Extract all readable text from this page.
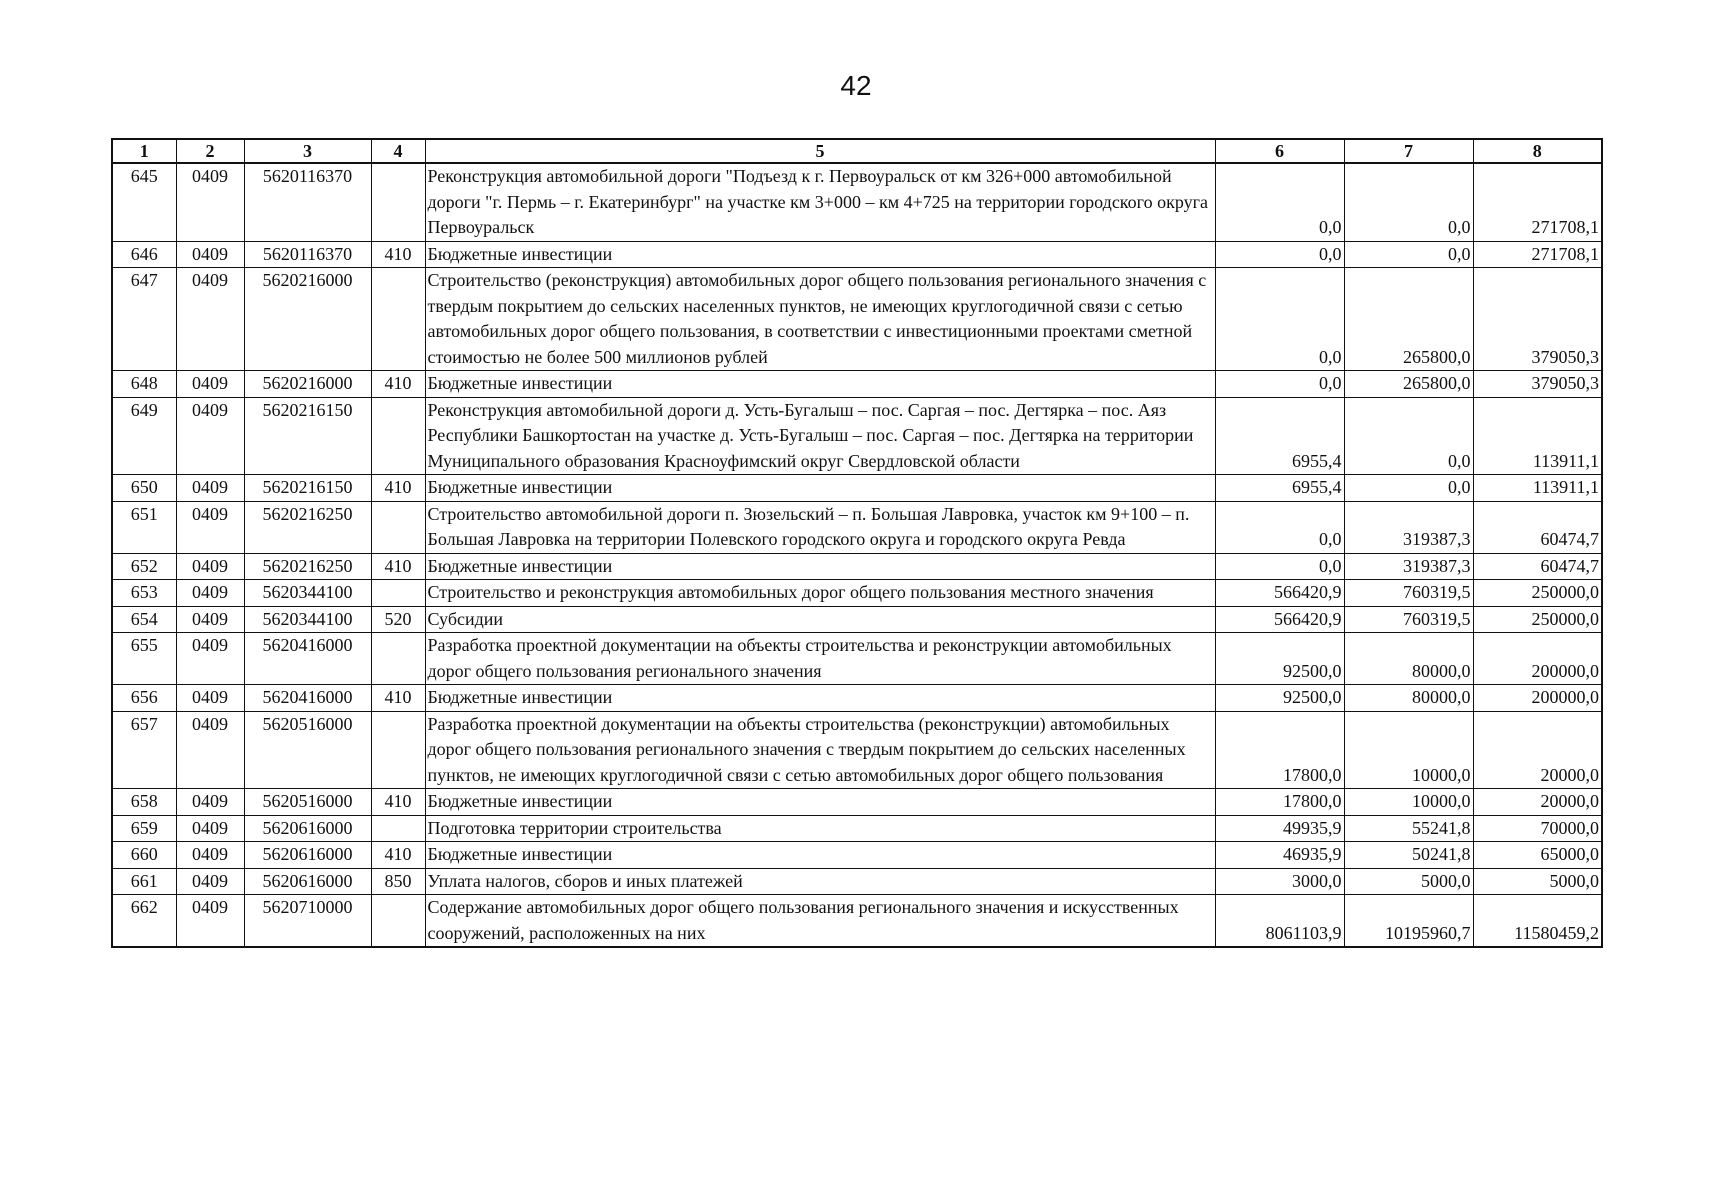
42
1	2	3	4	5	6	7	8
645	0409	5620116370		Реконструкция автомобильной дороги "Подъезд к г. Первоуральск от км 326+000 автомобильной дороги "г. Пермь – г. Екатеринбург" на участке км 3+000 – км 4+725 на территории городского округа Первоуральск	0,0	0,0	271708,1
646	0409	5620116370	410	Бюджетные инвестиции	0,0	0,0	271708,1
647	0409	5620216000		Строительство (реконструкция) автомобильных дорог общего пользования регионального значения с твердым покрытием до сельских населенных пунктов, не имеющих круглогодичной связи с сетью автомобильных дорог общего пользования, в соответствии с инвестиционными проектами сметной стоимостью не более 500 миллионов рублей	0,0	265800,0	379050,3
648	0409	5620216000	410	Бюджетные инвестиции	0,0	265800,0	379050,3
649	0409	5620216150		Реконструкция автомобильной дороги д. Усть-Бугалыш – пос. Саргая – пос. Дегтярка – пос. Аяз Республики Башкортостан на участке д. Усть-Бугалыш – пос. Саргая – пос. Дегтярка на территории Муниципального образования Красноуфимский округ Свердловской области	6955,4	0,0	113911,1
650	0409	5620216150	410	Бюджетные инвестиции	6955,4	0,0	113911,1
651	0409	5620216250		Строительство автомобильной дороги п. Зюзельский – п. Большая Лавровка, участок км 9+100 – п. Большая Лавровка на территории Полевского городского округа и городского округа Ревда	0,0	319387,3	60474,7
652	0409	5620216250	410	Бюджетные инвестиции	0,0	319387,3	60474,7
653	0409	5620344100		Строительство и реконструкция автомобильных дорог общего пользования местного значения	566420,9	760319,5	250000,0
654	0409	5620344100	520	Субсидии	566420,9	760319,5	250000,0
655	0409	5620416000		Разработка проектной документации на объекты строительства и реконструкции автомобильных дорог общего пользования регионального значения	92500,0	80000,0	200000,0
656	0409	5620416000	410	Бюджетные инвестиции	92500,0	80000,0	200000,0
657	0409	5620516000		Разработка проектной документации на объекты строительства (реконструкции) автомобильных дорог общего пользования регионального значения с твердым покрытием до сельских населенных пунктов, не имеющих круглогодичной связи с сетью автомобильных дорог общего пользования	17800,0	10000,0	20000,0
658	0409	5620516000	410	Бюджетные инвестиции	17800,0	10000,0	20000,0
659	0409	5620616000		Подготовка территории строительства	49935,9	55241,8	70000,0
660	0409	5620616000	410	Бюджетные инвестиции	46935,9	50241,8	65000,0
661	0409	5620616000	850	Уплата налогов, сборов и иных платежей	3000,0	5000,0	5000,0
662	0409	5620710000		Содержание автомобильных дорог общего пользования регионального значения и искусственных сооружений, расположенных на них	8061103,9	10195960,7	11580459,2
